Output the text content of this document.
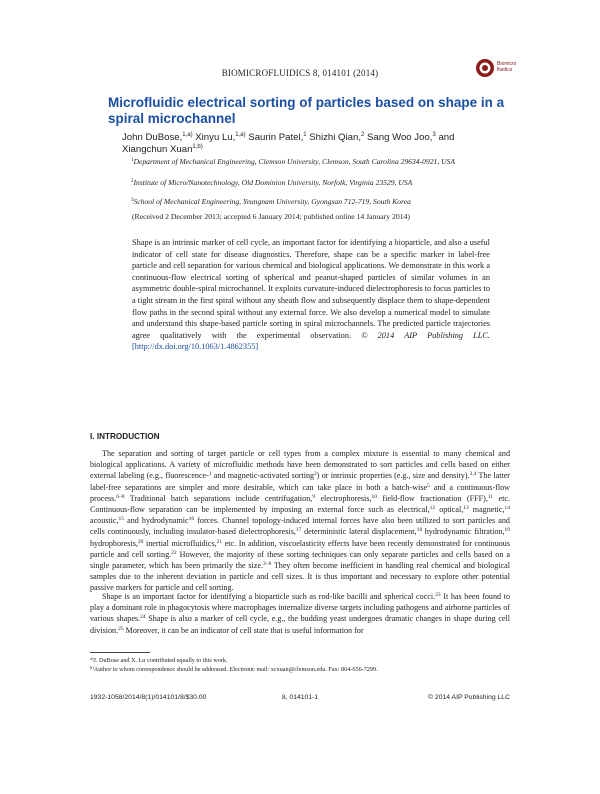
BIOMICROFLUIDICS 8, 014101 (2014)
Biomicro
fluidics
Microfluidic electrical sorting of particles based on shape in a spiral microchannel
John DuBose,$^{1,a)}$ Xinyu Lu,$^{1,a)}$ Saurin Patel,$^1$ Shizhi Qian,$^2$ Sang Woo Joo,$^3$ and Xiangchun Xuan$^{1,b)}$
$^1$Department of Mechanical Engineering, Clemson University, Clemson, South Carolina 29634-0921, USA
$^2$Institute of Micro/Nanotechnology, Old Dominion University, Norfolk, Virginia 23529, USA
$^3$School of Mechanical Engineering, Yeungnam University, Gyongsan 712-719, South Korea
(Received 2 December 2013; accepted 6 January 2014; published online 14 January 2014)

Shape is an intrinsic marker of cell cycle, an important factor for identifying a bioparticle, and also a useful indicator of cell state for disease diagnostics. Therefore, shape can be a specific marker in label-free particle and cell separation for various chemical and biological applications. We demonstrate in this work a continuous-flow electrical sorting of spherical and peanut-shaped particles of similar volumes in an asymmetric double-spiral microchannel. It exploits curvature-induced dielectrophoresis to focus particles to a tight stream in the first spiral without any sheath flow and subsequently displace them to shape-dependent flow paths in the second spiral without any external force. We also develop a numerical model to simulate and understand this shape-based particle sorting in spiral microchannels. The predicted particle trajectories agree qualitatively with the experimental observation. © 2014 AIP Publishing LLC. [http://dx.doi.org/10.1063/1.4862355]

I. INTRODUCTION

The separation and sorting of target particle or cell types from a complex mixture is essential to many chemical and biological applications. A variety of microfluidic methods have been demonstrated to sort particles and cells based on either external labeling (e.g., fluorescence-$^1$ and magnetic-activated sorting$^2$) or intrinsic properties (e.g., size and density).$^{3,4}$ The latter label-free separations are simpler and more desirable, which can take place in both a batch-wise$^5$ and a continuous-flow process.$^{6-8}$ Traditional batch separations include centrifugation,$^9$ electrophoresis,$^{10}$ field-flow fractionation (FFF),$^{11}$ etc. Continuous-flow separation can be implemented by imposing an external force such as electrical,$^{12}$ optical,$^{13}$ magnetic,$^{14}$ acoustic,$^{15}$ and hydrodynamic$^{16}$ forces. Channel topology-induced internal forces have also been utilized to sort particles and cells continuously, including insulator-based dielectrophoresis,$^{17}$ deterministic lateral displacement,$^{18}$ hydrodynamic filtration,$^{19}$ hydrophoresis,$^{20}$ inertial microfluidics,$^{21}$ etc. In addition, viscoelasticity effects have been recently demonstrated for continuous particle and cell sorting.$^{22}$ However, the majority of these sorting techniques can only separate particles and cells based on a single parameter, which has been primarily the size.$^{3-8}$ They often become inefficient in handling real chemical and biological samples due to the inherent deviation in particle and cell sizes. It is thus important and necessary to explore other potential passive markers for particle and cell sorting.

Shape is an important factor for identifying a bioparticle such as rod-like bacilli and spherical cocci.$^{23}$ It has been found to play a dominant role in phagocytosis where macrophages internalize diverse targets including pathogens and airborne particles of various shapes.$^{24}$ Shape is also a marker of cell cycle, e.g., the budding yeast undergoes dramatic changes in shape during cell division.$^{25}$ Moreover, it can be an indicator of cell state that is useful information for

$^{a)}$J. DuBose and X. Lu contributed equally to this work.
$^{b)}$Author to whom correspondence should be addressed. Electronic mail: xcxuan@clemson.edu. Fax: 864-656-7299.
1932-1058/2014/8(1)/014101/8/$30.00	8, 014101-1	© 2014 AIP Publishing LLC
